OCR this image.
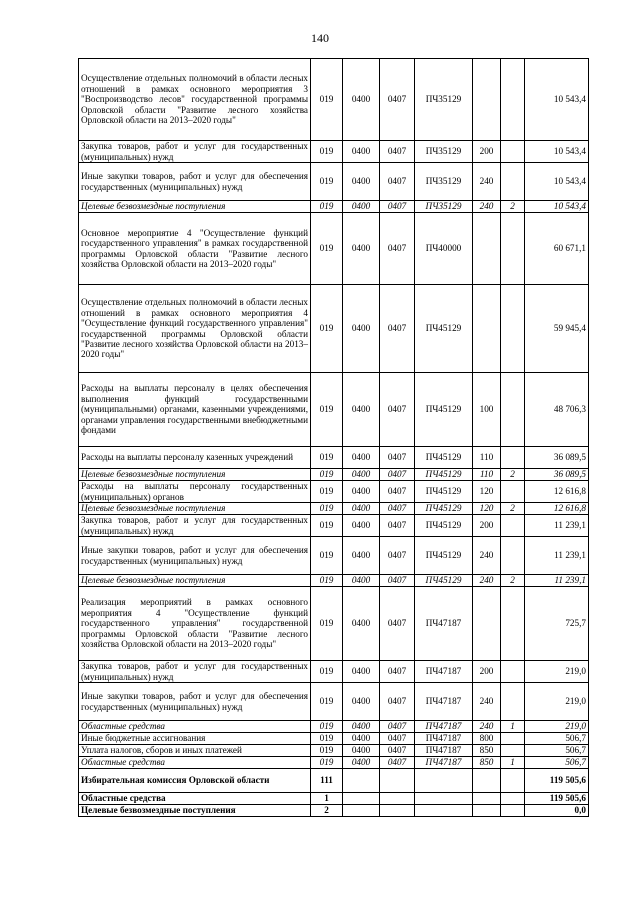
140
Осуществление отдельных полномочий в области лесных отношений в рамках основного мероприятия 3 "Воспроизводство лесов" государственной программы Орловской области "Развитие лесного хозяйства Орловской области на 2013–2020 годы"	019	0400	0407	ПЧ35129			10 543,4
Закупка товаров, работ и услуг для государственных (муниципальных) нужд	019	0400	0407	ПЧ35129	200		10 543,4
Иные закупки товаров, работ и услуг для обеспечения государственных (муниципальных) нужд	019	0400	0407	ПЧ35129	240		10 543,4
Целевые безвозмездные поступления	019	0400	0407	ПЧ35129	240	2	10 543,4
Основное мероприятие 4 "Осуществление функций государственного управления" в рамках государственной программы Орловской области "Развитие лесного хозяйства Орловской области на 2013–2020 годы"	019	0400	0407	ПЧ40000			60 671,1
Осуществление отдельных полномочий в области лесных отношений в рамках основного мероприятия 4 "Осуществление функций государственного управления" государственной программы Орловской области "Развитие лесного хозяйства Орловской области на 2013–2020 годы"	019	0400	0407	ПЧ45129			59 945,4
Расходы на выплаты персоналу в целях обеспечения выполнения функций государственными (муниципальными) органами, казенными учреждениями, органами управления государственными внебюджетными фондами	019	0400	0407	ПЧ45129	100		48 706,3
Расходы на выплаты персоналу казенных учреждений	019	0400	0407	ПЧ45129	110		36 089,5
Целевые безвозмездные поступления	019	0400	0407	ПЧ45129	110	2	36 089,5
Расходы на выплаты персоналу государственных (муниципальных) органов	019	0400	0407	ПЧ45129	120		12 616,8
Целевые безвозмездные поступления	019	0400	0407	ПЧ45129	120	2	12 616,8
Закупка товаров, работ и услуг для государственных (муниципальных) нужд	019	0400	0407	ПЧ45129	200		11 239,1
Иные закупки товаров, работ и услуг для обеспечения государственных (муниципальных) нужд	019	0400	0407	ПЧ45129	240		11 239,1
Целевые безвозмездные поступления	019	0400	0407	ПЧ45129	240	2	11 239,1
Реализация мероприятий в рамках основного мероприятия 4 "Осуществление функций государственного управления" государственной программы Орловской области "Развитие лесного хозяйства Орловской области на 2013–2020 годы"	019	0400	0407	ПЧ47187			725,7
Закупка товаров, работ и услуг для государственных (муниципальных) нужд	019	0400	0407	ПЧ47187	200		219,0
Иные закупки товаров, работ и услуг для обеспечения государственных (муниципальных) нужд	019	0400	0407	ПЧ47187	240		219,0
Областные средства	019	0400	0407	ПЧ47187	240	1	219,0
Иные бюджетные ассигнования	019	0400	0407	ПЧ47187	800		506,7
Уплата налогов, сборов и иных платежей	019	0400	0407	ПЧ47187	850		506,7
Областные средства	019	0400	0407	ПЧ47187	850	1	506,7
Избирательная комиссия Орловской области	111						119 505,6
Областные средства	1						119 505,6
Целевые безвозмездные поступления	2						0,0
